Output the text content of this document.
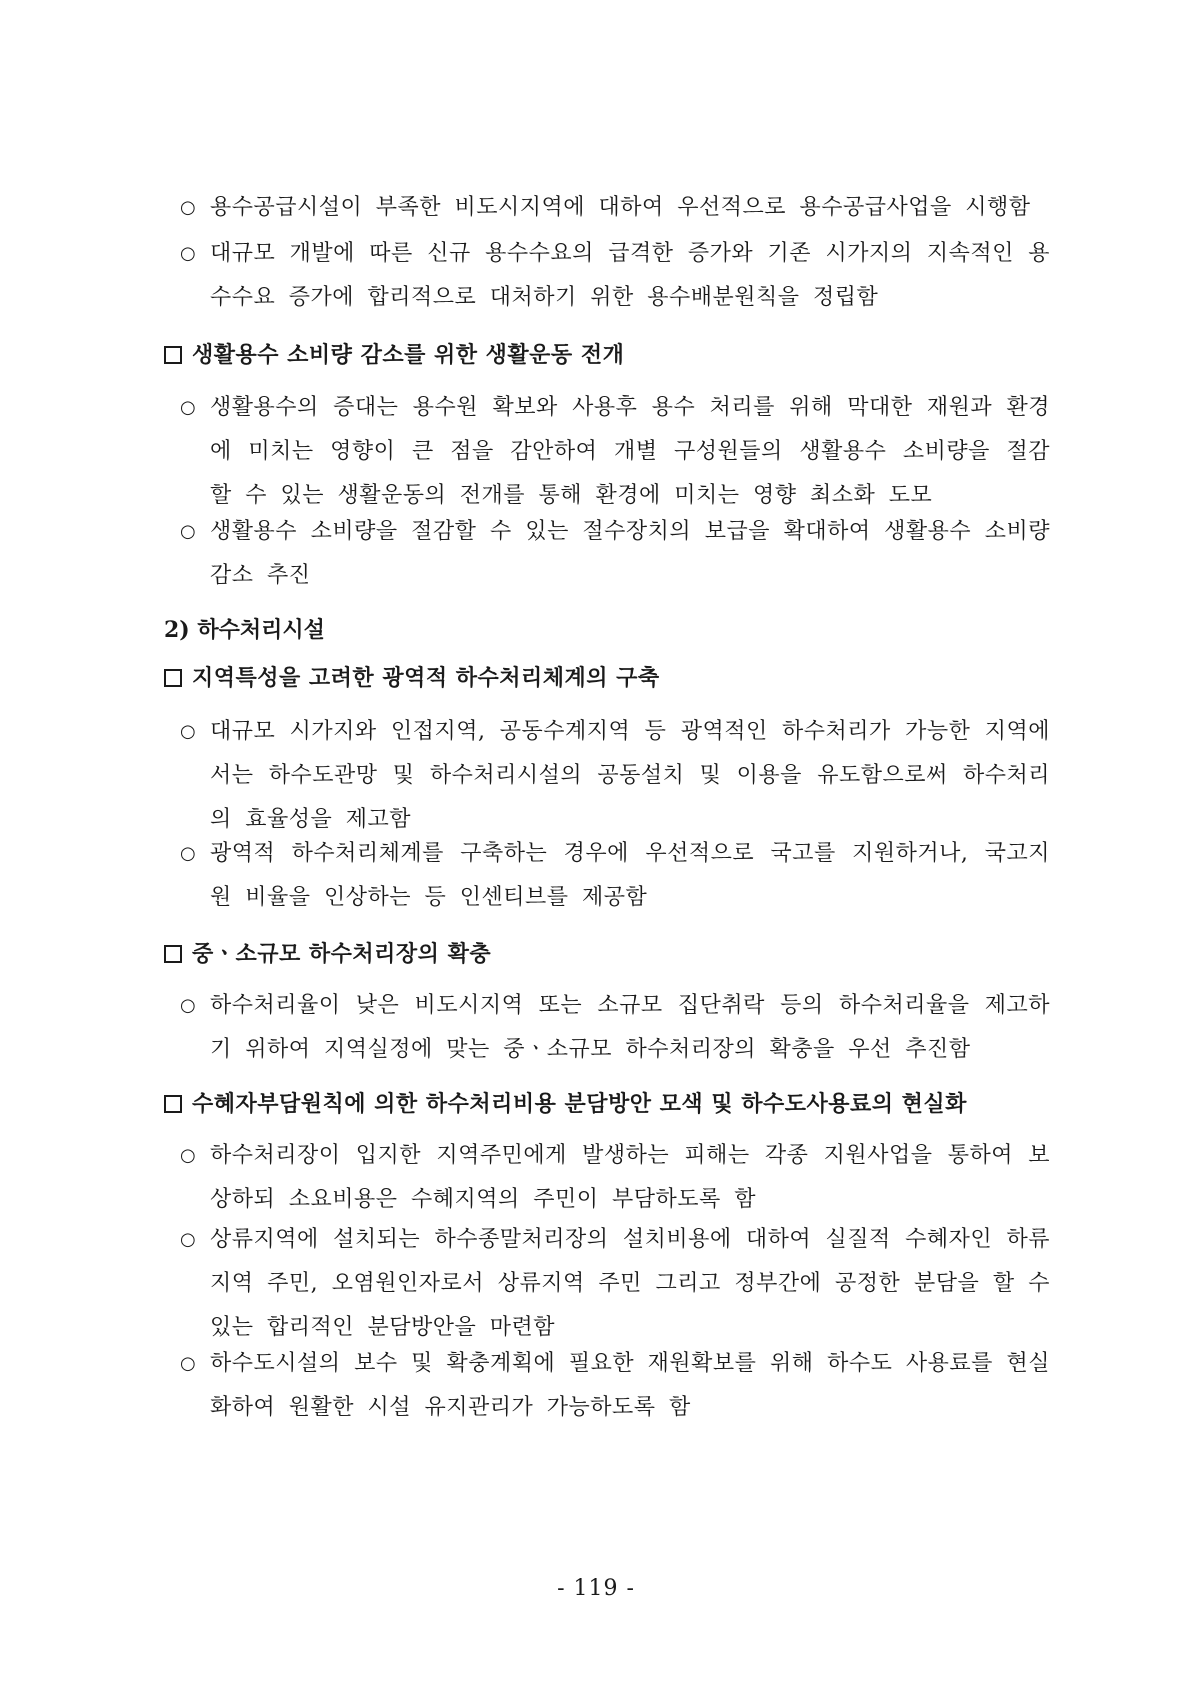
○ 용수공급시설이 부족한 비도시지역에 대하여 우선적으로 용수공급사업을 시행함
○ 대규모 개발에 따른 신규 용수수요의 급격한 증가와 기존 시가지의 지속적인 용수수요 증가에 합리적으로 대처하기 위한 용수배분원칙을 정립함
생활용수 소비량 감소를 위한 생활운동 전개
○ 생활용수의 증대는 용수원 확보와 사용후 용수 처리를 위해 막대한 재원과 환경에 미치는 영향이 큰 점을 감안하여 개별 구성원들의 생활용수 소비량을 절감 할 수 있는 생활운동의 전개를 통해 환경에 미치는 영향 최소화 도모
○ 생활용수 소비량을 절감할 수 있는 절수장치의 보급을 확대하여 생활용수 소비량 감소 추진
2) 하수처리시설
지역특성을 고려한 광역적 하수처리체계의 구축
○ 대규모 시가지와 인접지역, 공동수계지역 등 광역적인 하수처리가 가능한 지역에서는 하수도관망 및 하수처리시설의 공동설치 및 이용을 유도함으로써 하수처리의 효율성을 제고함
○ 광역적 하수처리체계를 구축하는 경우에 우선적으로 국고를 지원하거나, 국고지원 비율을 인상하는 등 인센티브를 제공함
중ㆍ소규모 하수처리장의 확충
○ 하수처리율이 낮은 비도시지역 또는 소규모 집단취락 등의 하수처리율을 제고하기 위하여 지역실정에 맞는 중ㆍ소규모 하수처리장의 확충을 우선 추진함
수혜자부담원칙에 의한 하수처리비용 분담방안 모색 및 하수도사용료의 현실화
○ 하수처리장이 입지한 지역주민에게 발생하는 피해는 각종 지원사업을 통하여 보상하되 소요비용은 수혜지역의 주민이 부담하도록 함
○ 상류지역에 설치되는 하수종말처리장의 설치비용에 대하여 실질적 수혜자인 하류지역 주민, 오염원인자로서 상류지역 주민 그리고 정부간에 공정한 분담을 할 수 있는 합리적인 분담방안을 마련함
○ 하수도시설의 보수 및 확충계획에 필요한 재원확보를 위해 하수도 사용료를 현실화하여 원활한 시설 유지관리가 가능하도록 함
- 119 -
